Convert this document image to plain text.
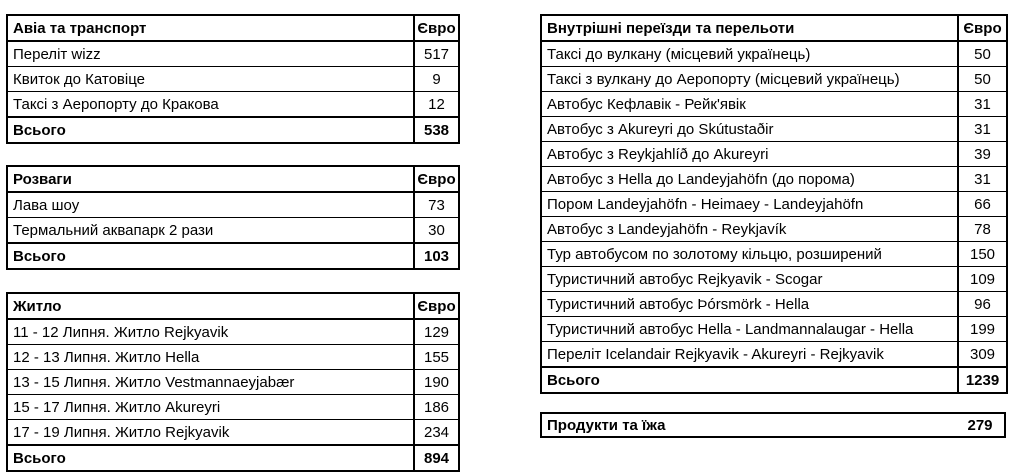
Авіа та транспорт	Євро
Переліт wizz	517
Квиток до Катовіце	9
Таксі з Аеропорту до Кракова	12
Всього	538
Розваги	Євро
Лава шоу	73
Термальний аквапарк 2 рази	30
Всього	103
Житло	Євро
11 - 12 Липня. Житло Rejkyavik	129
12 - 13 Липня. Житло Hella	155
13 - 15 Липня. Житло Vestmannaeyjabær	190
15 - 17 Липня. Житло Akureyri	186
17 - 19 Липня. Житло Rejkyavik	234
Всього	894
Внутрішні переїзди та перельоти	Євро
Таксі до вулкану (місцевий українець)	50
Таксі з вулкану до Аеропорту (місцевий українець)	50
Автобус Кефлавік - Рейк'явік	31
Автобус з Akureyri до Skútustaðir	31
Автобус з Reykjahlíð до Akureyri	39
Автобус з Hella до Landeyjahöfn (до порома)	31
Пором Landeyjahöfn - Heimaey - Landeyjahöfn	66
Автобус з Landeyjahöfn - Reykjavík	78
Тур автобусом по золотому кільцю, розширений	150
Туристичний автобус Rejkyavik - Scogar	109
Туристичний автобус Þórsmörk - Hella	96
Туристичний автобус Hella - Landmannalaugar - Hella	199
Переліт Icelandair Rejkyavik - Akureyri - Rejkyavik	309
Всього	1239
Продукти та їжа	279
